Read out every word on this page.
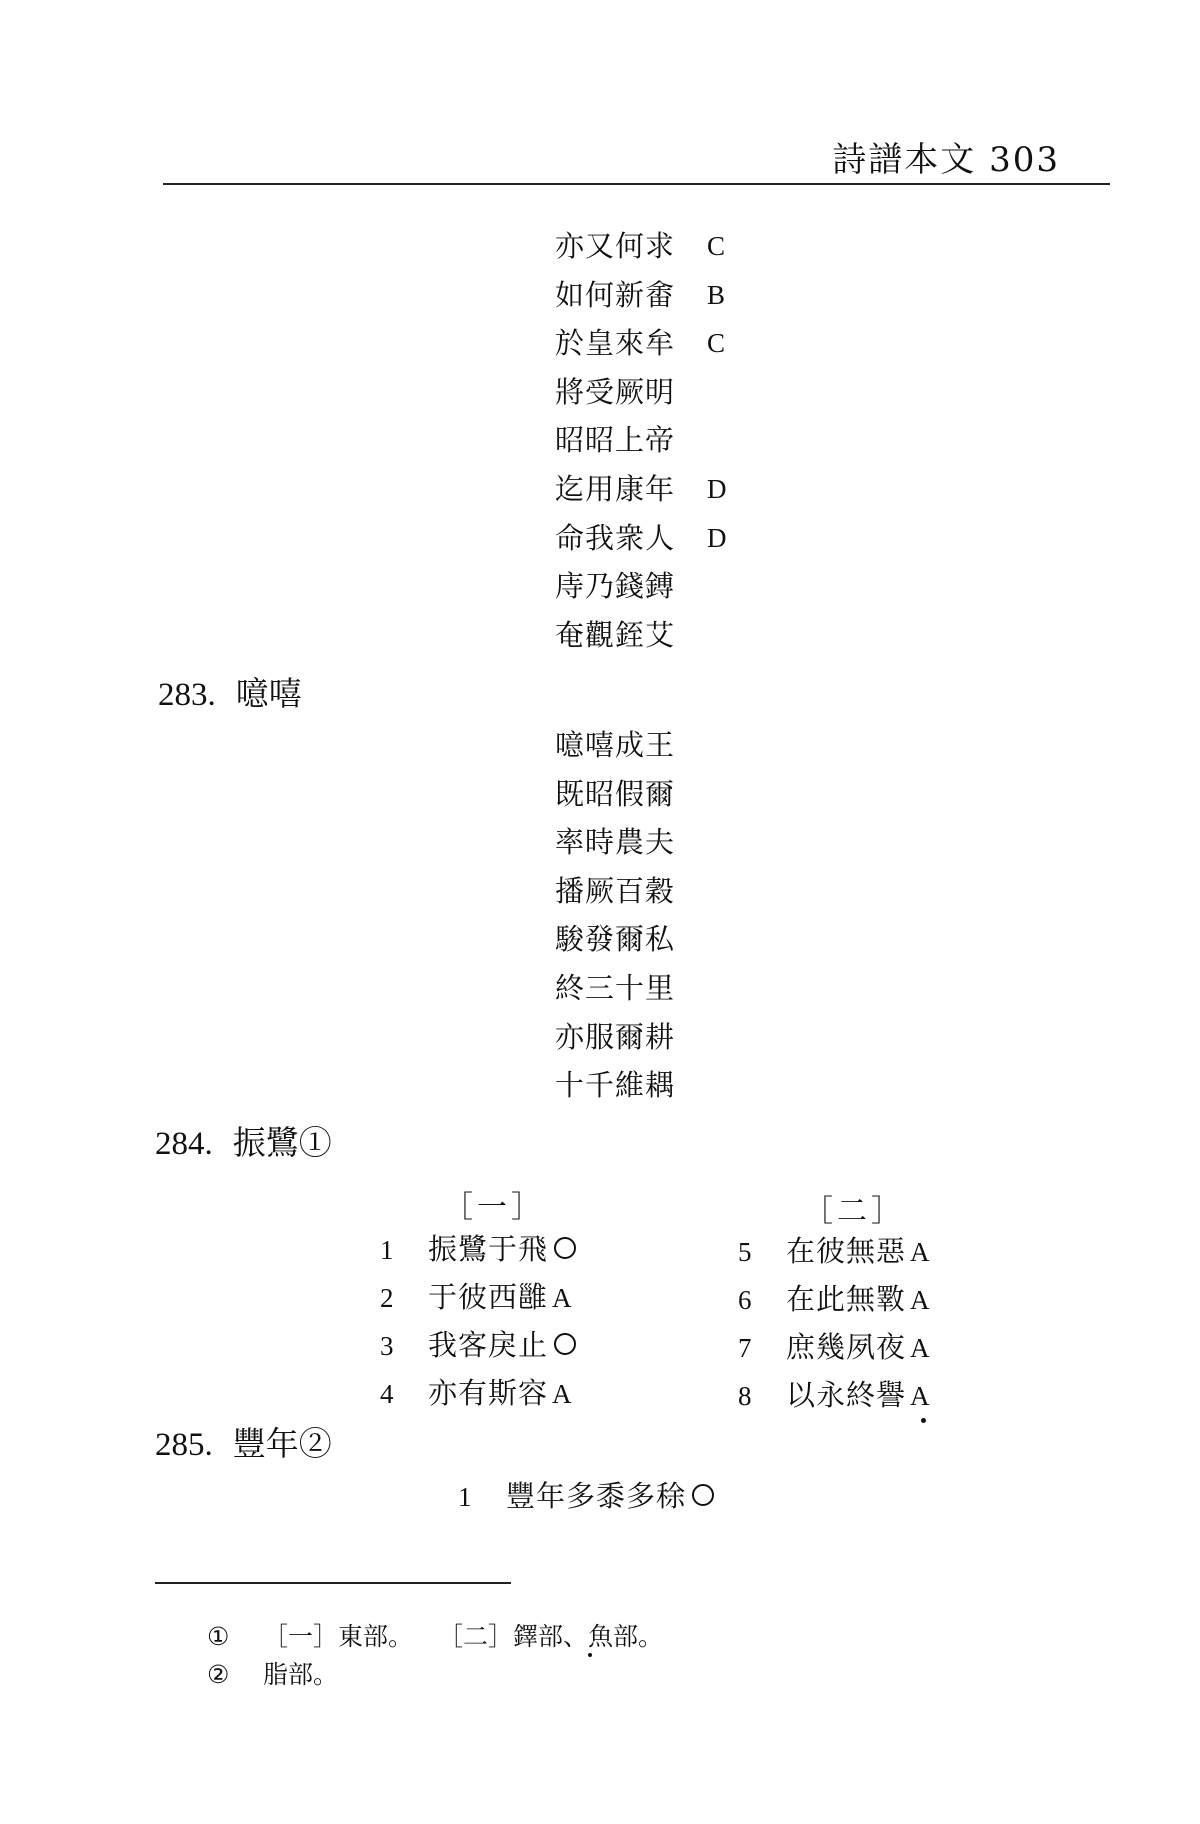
詩譜本文 303
亦又何求	C
如何新畬	B
於皇來牟	C
將受厥明
昭昭上帝
迄用康年	D
命我衆人	D
庤乃錢鎛
奄觀銍艾
283. 噫嘻
噫嘻成王
既昭假爾
率時農夫
播厥百穀
駿發爾私
終三十里
亦服爾耕
十千維耦
284. 振鷺①
［一］	［二］
1	振鷺于飛
2	于彼西雝 A
3	我客戾止
4	亦有斯容 A
5	在彼無惡 A
6	在此無斁 A
7	庶幾夙夜 A
8	以永終譽 A
285. 豐年②
1	豐年多黍多稌
① ［一］東部。　　［二］鐸部、魚部。
② 脂部。
